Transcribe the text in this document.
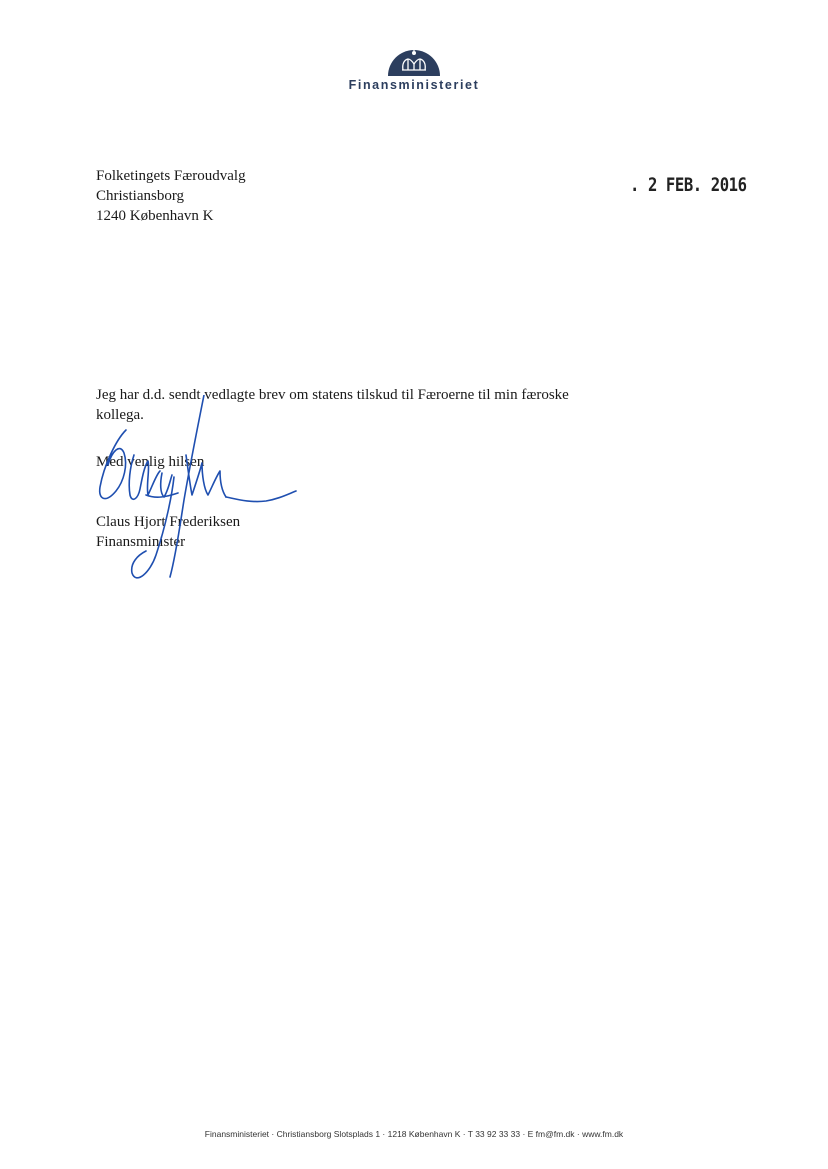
Finansministeriet
Folketingets Færoudvalg
Christiansborg
1240 København K
. 2 FEB. 2016
Jeg har d.d. sendt vedlagte brev om statens tilskud til Færoerne til min færoske kollega.
Med venlig hilsen
Claus Hjort Frederiksen
Finansminister
Finansministeriet · Christiansborg Slotsplads 1 · 1218 København K · T 33 92 33 33 · E fm@fm.dk · www.fm.dk
